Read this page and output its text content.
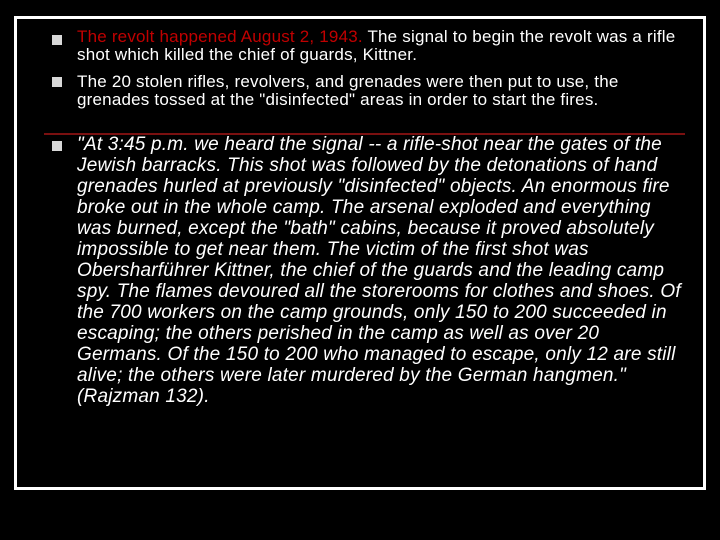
The revolt happened August 2, 1943. The signal to begin the revolt was a rifle shot which killed the chief of guards, Kittner.
The 20 stolen rifles, revolvers, and grenades were then put to use, the grenades tossed at the "disinfected" areas in order to start the fires.
"At 3:45 p.m. we heard the signal -- a rifle-shot near the gates of the Jewish barracks. This shot was followed by the detonations of hand grenades hurled at previously "disinfected" objects. An enormous fire broke out in the whole camp. The arsenal exploded and everything was burned, except the "bath" cabins, because it proved absolutely impossible to get near them. The victim of the first shot was Obersharführer Kittner, the chief of the guards and the leading camp spy. The flames devoured all the storerooms for clothes and shoes. Of the 700 workers on the camp grounds, only 150 to 200 succeeded in escaping; the others perished in the camp as well as over 20 Germans. Of the 150 to 200 who managed to escape, only 12 are still alive; the others were later murdered by the German hangmen."(Rajzman 132).
